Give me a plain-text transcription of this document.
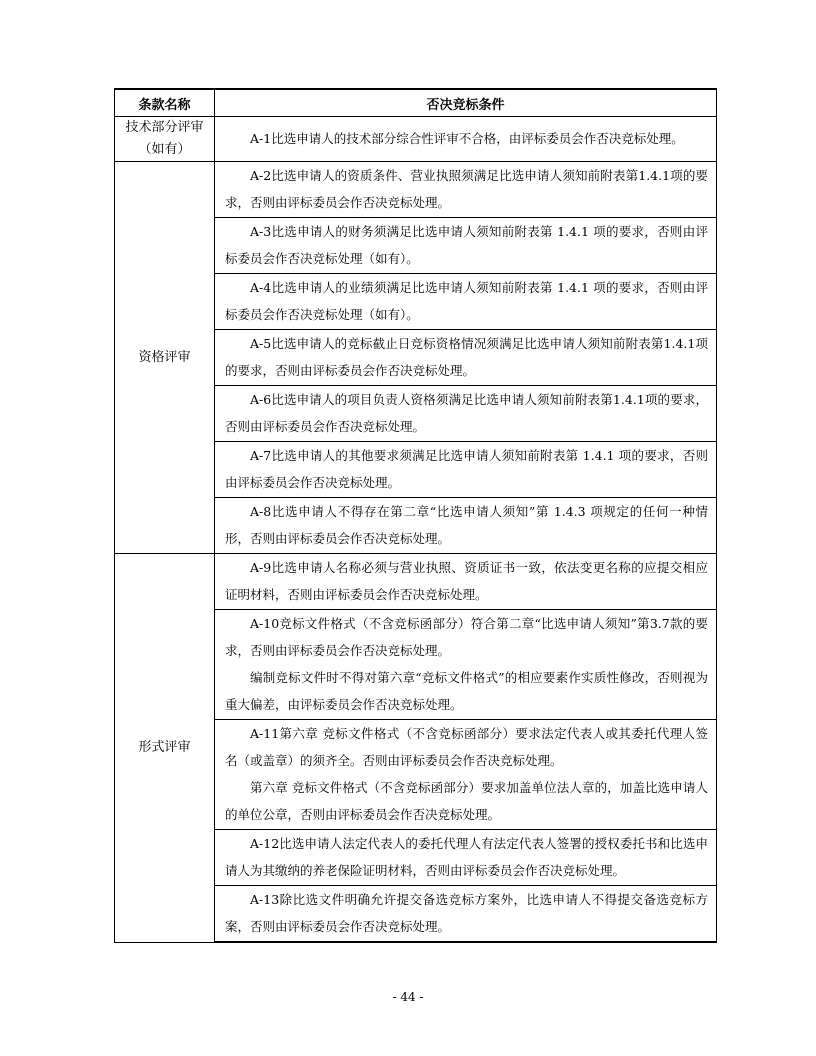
条款名称	否决竞标条件

技术部分评审
（如有）	A-1比选申请人的技术部分综合性评审不合格，由评标委员会作否决竞标处理。

资格评审	A-2比选申请人的资质条件、营业执照须满足比选申请人须知前附表第1.4.1项的要求，否则由评标委员会作否决竞标处理。

	A-3比选申请人的财务须满足比选申请人须知前附表第 1.4.1 项的要求，否则由评标委员会作否决竞标处理（如有）。

	A-4比选申请人的业绩须满足比选申请人须知前附表第 1.4.1 项的要求，否则由评标委员会作否决竞标处理（如有）。

	A-5比选申请人的竞标截止日竞标资格情况须满足比选申请人须知前附表第1.4.1项的要求，否则由评标委员会作否决竞标处理。

	A-6比选申请人的项目负责人资格须满足比选申请人须知前附表第1.4.1项的要求，否则由评标委员会作否决竞标处理。

	A-7比选申请人的其他要求须满足比选申请人须知前附表第 1.4.1 项的要求，否则由评标委员会作否决竞标处理。

	A-8比选申请人不得存在第二章“比选申请人须知”第 1.4.3 项规定的任何一种情形，否则由评标委员会作否决竞标处理。

形式评审	A-9比选申请人名称必须与营业执照、资质证书一致，依法变更名称的应提交相应证明材料，否则由评标委员会作否决竞标处理。

	A-10竞标文件格式（不含竞标函部分）符合第二章“比选申请人须知”第3.7款的要求，否则由评标委员会作否决竞标处理。

编制竞标文件时不得对第六章“竞标文件格式”的相应要素作实质性修改，否则视为重大偏差，由评标委员会作否决竞标处理。

	A-11第六章 竞标文件格式（不含竞标函部分）要求法定代表人或其委托代理人签名（或盖章）的须齐全。否则由评标委员会作否决竞标处理。

第六章 竞标文件格式（不含竞标函部分）要求加盖单位法人章的，加盖比选申请人的单位公章，否则由评标委员会作否决竞标处理。

	A-12比选申请人法定代表人的委托代理人有法定代表人签署的授权委托书和比选申请人为其缴纳的养老保险证明材料，否则由评标委员会作否决竞标处理。

	A-13除比选文件明确允许提交备选竞标方案外，比选申请人不得提交备选竞标方案，否则由评标委员会作否决竞标处理。

- 44 -
